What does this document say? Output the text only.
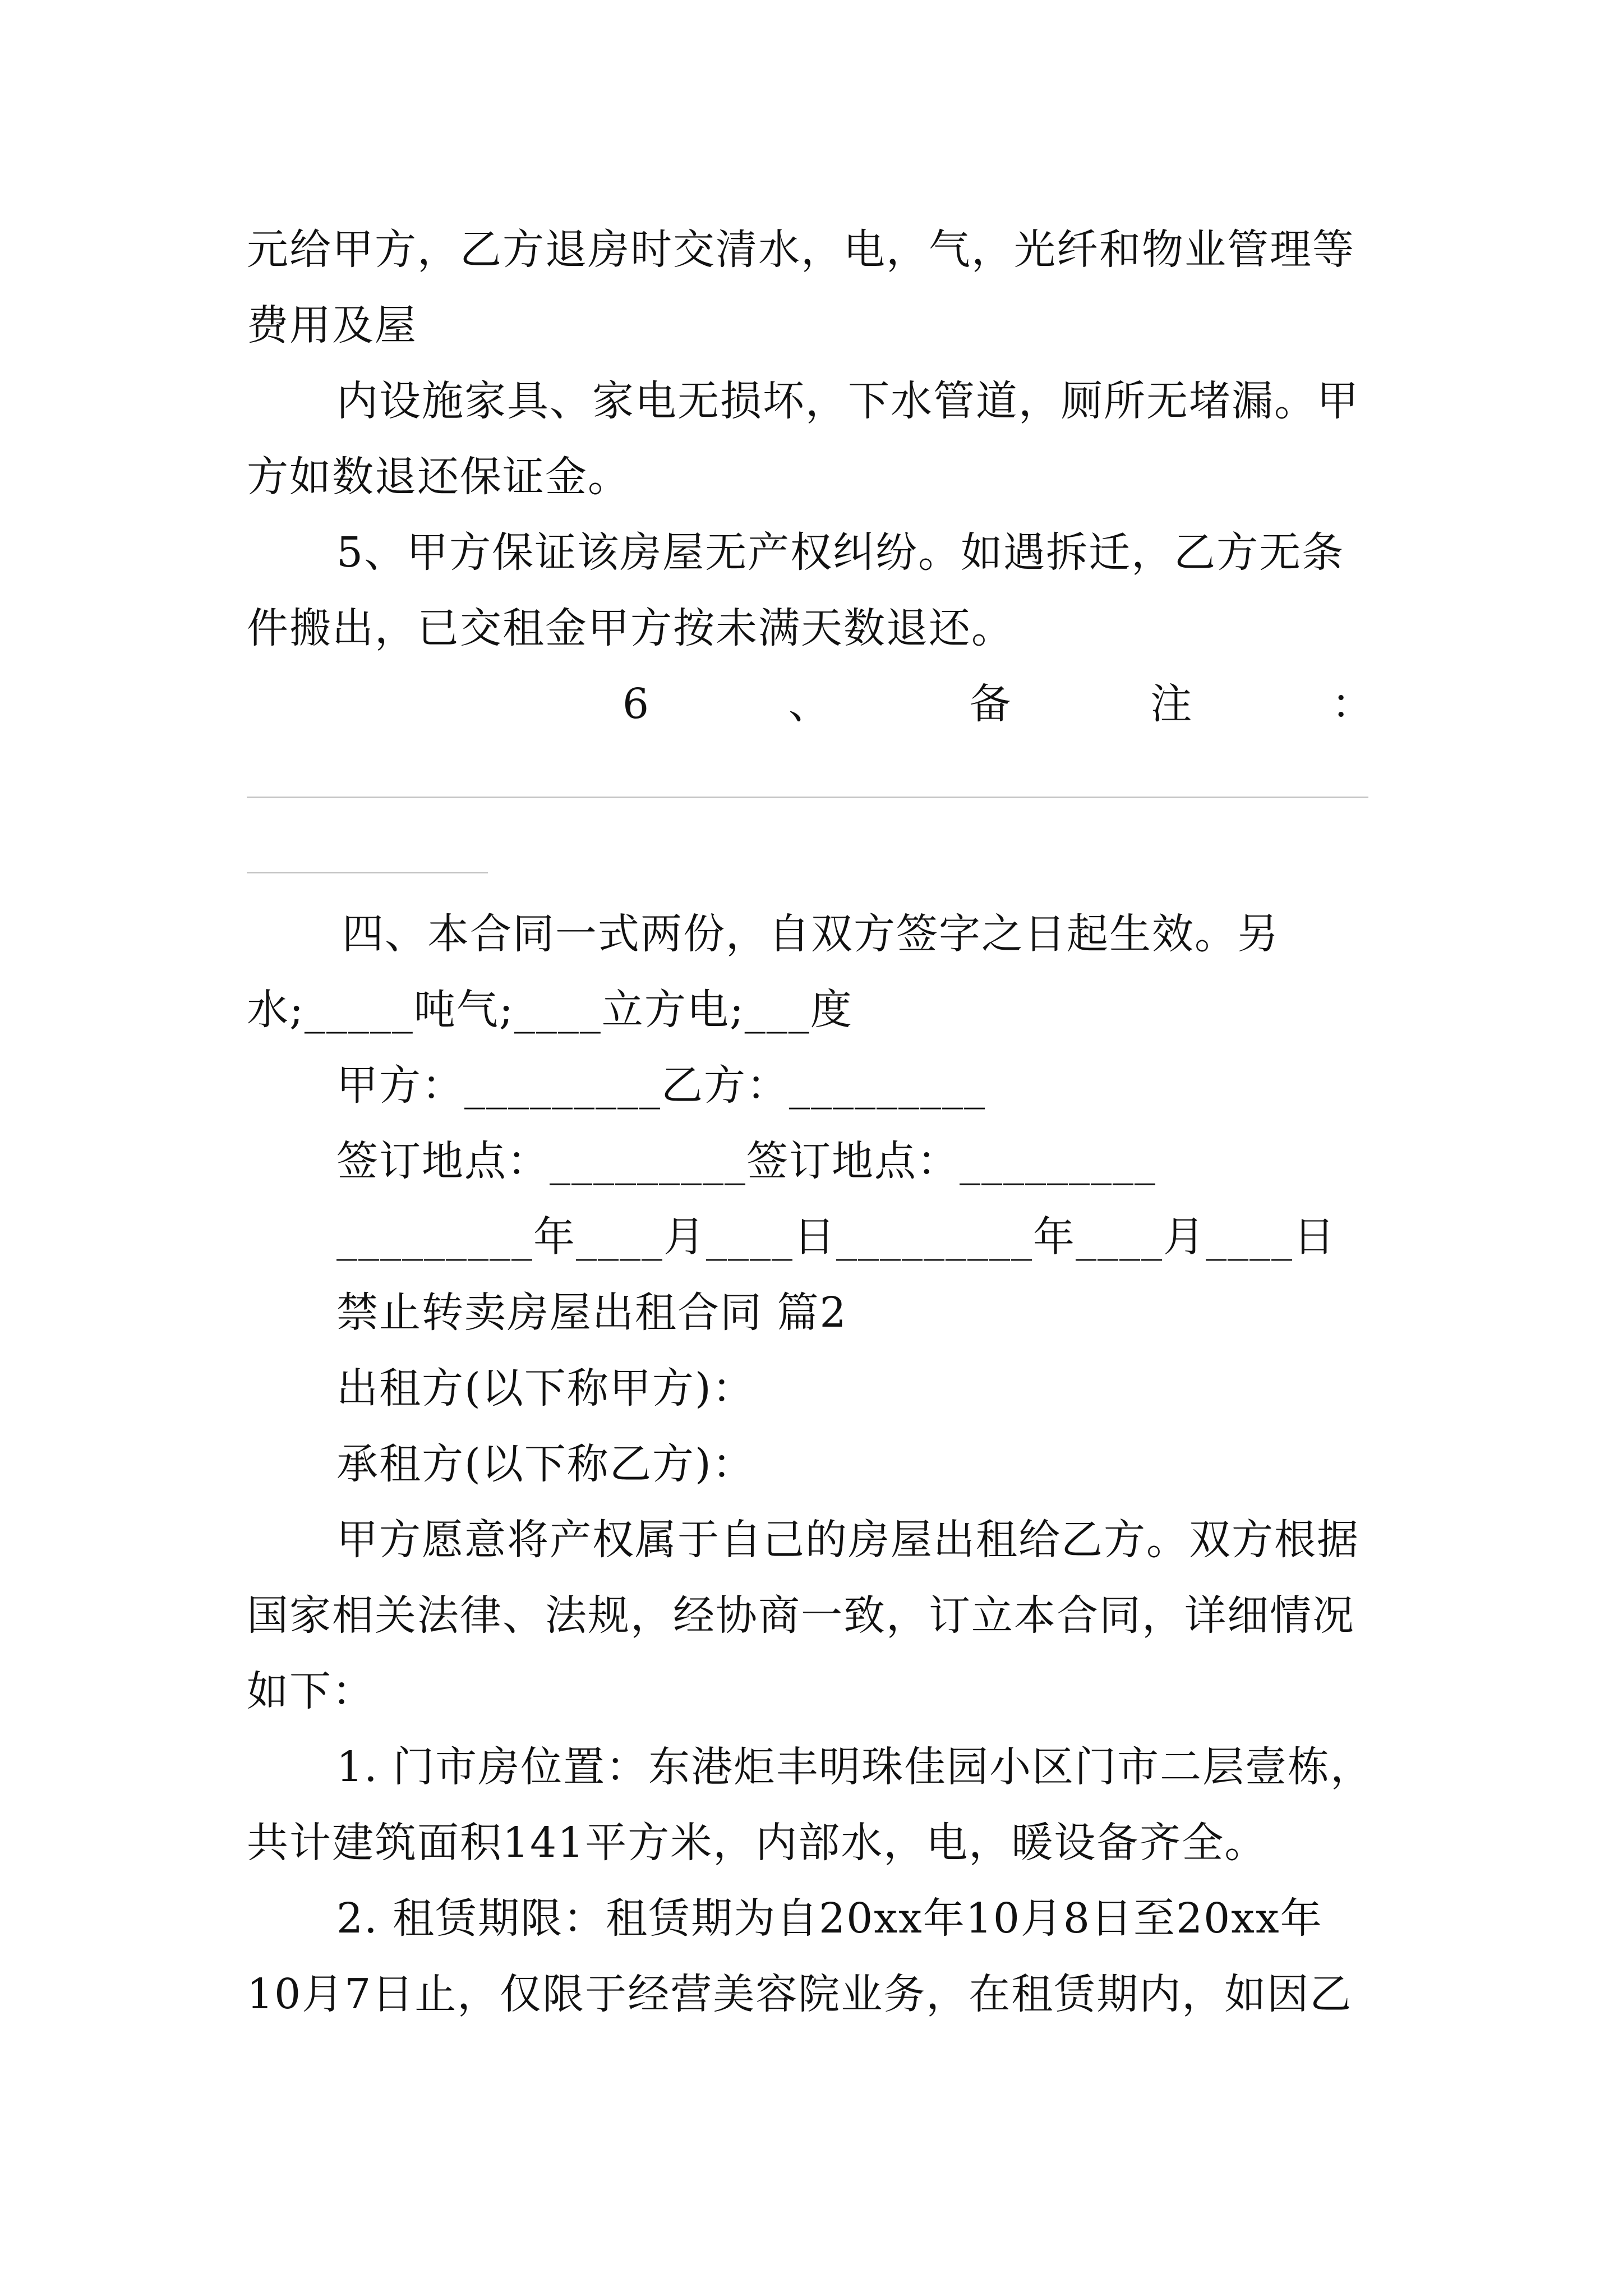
元给甲方，乙方退房时交清水，电，气，光纤和物业管理等
费用及屋
内设施家具、家电无损坏，下水管道，厕所无堵漏。甲
方如数退还保证金。
5、甲方保证该房屋无产权纠纷。如遇拆迁，乙方无条
件搬出，已交租金甲方按未满天数退还。
6	、	备	注	：
四、本合同一式两份，自双方签字之日起生效。另
水;_____吨气;____立方电;___度
甲方：_________乙方：_________
签订地点：_________签订地点：_________
_________年____月____日_________年____月____日
禁止转卖房屋出租合同 篇2
出租方(以下称甲方)：
承租方(以下称乙方)：
甲方愿意将产权属于自己的房屋出租给乙方。双方根据
国家相关法律、法规，经协商一致，订立本合同，详细情况
如下：
1. 门市房位置：东港炬丰明珠佳园小区门市二层壹栋，
共计建筑面积141平方米，内部水，电，暖设备齐全。
2. 租赁期限：租赁期为自20xx年10月8日至20xx年
10月7日止，仅限于经营美容院业务，在租赁期内，如因乙
